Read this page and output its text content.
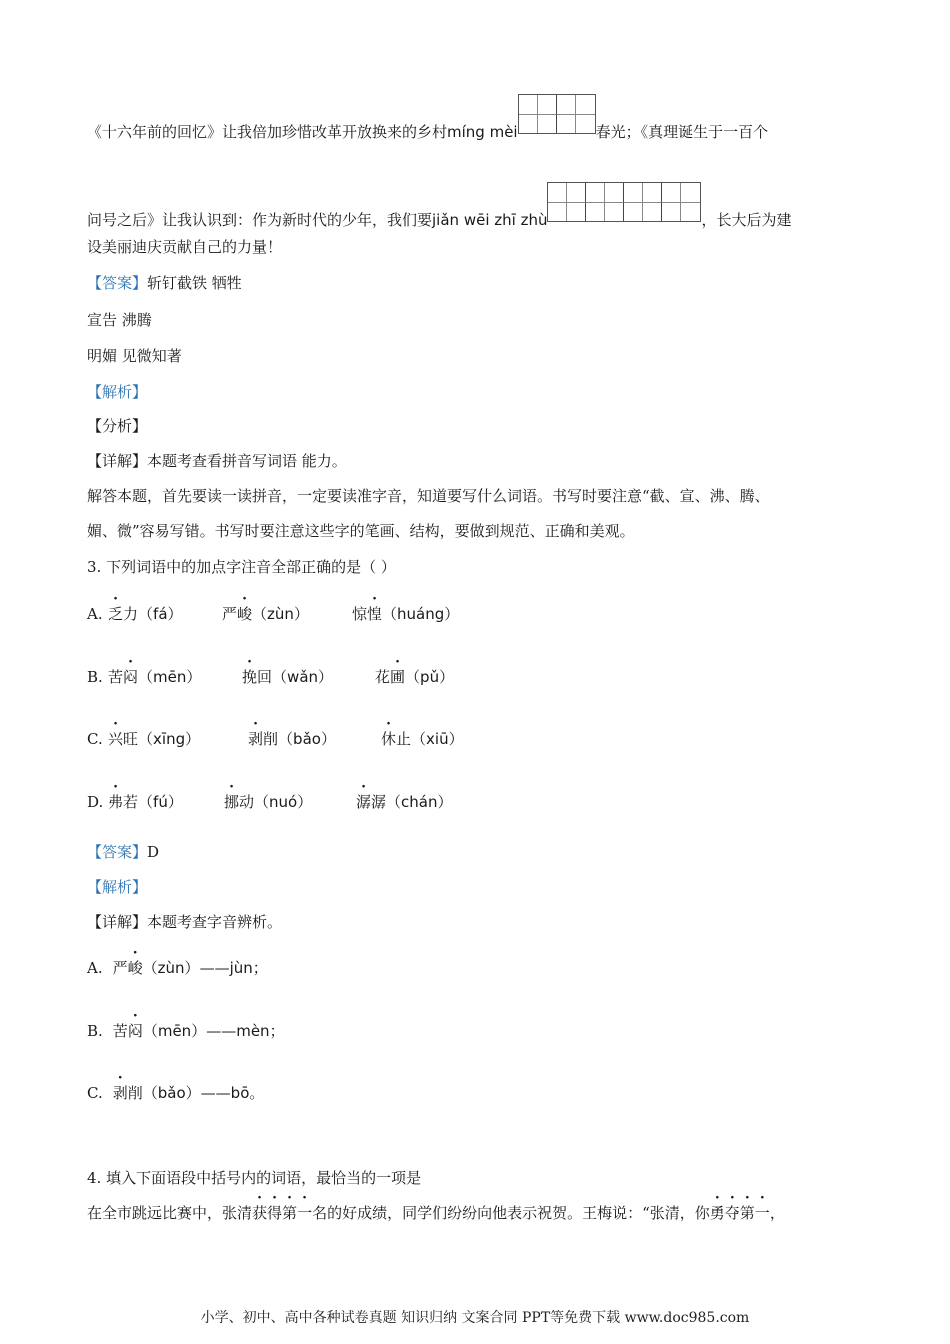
《十六年前的回忆》让我倍加珍惜改革开放换来的乡村míng mèi	春光；《真理诞生于一百个
问号之后》让我认识到：作为新时代的少年，我们要jiǎn wēi zhī zhù	，长大后为建
设美丽迪庆贡献自己的力量！
【答案】斩钉截铁 牺牲
宣告 沸腾
明媚 见微知著
【解析】
【分析】
【详解】本题考查看拼音写词语 能力。
解答本题，首先要读一读拼音，一定要读准字音，知道要写什么词语。书写时要注意“截、宣、沸、腾、
媚、微”容易写错。书写时要注意这些字的笔画、结构，要做到规范、正确和美观。
3. 下列词语中的加点字注音全部正确的是（ ）
A. 乏力（fá）	严峻（zùn）	惊惶（huáng）
B. 苦闷（mēn）	挽回（wǎn）	花圃（pǔ）
C. 兴旺（xīng）	剥削（bǎo）	休止（xiū）
D. 弗若（fú）	挪动（nuó）	潺潺（chán）
【答案】D
【解析】
【详解】本题考查字音辨析。
A. 严峻（zùn）——jùn；
B. 苦闷（mēn）——mèn；
C. 剥削（bǎo）——bō。
4. 填入下面语段中括号内的词语，最恰当的一项是
在全市跳远比赛中，张清获得第一名的好成绩，同学们纷纷向他表示祝贺。王梅说：“张清，你勇夺第一，
小学、初中、高中各种试卷真题 知识归纳 文案合同 PPT等免费下载 www.doc985.com
